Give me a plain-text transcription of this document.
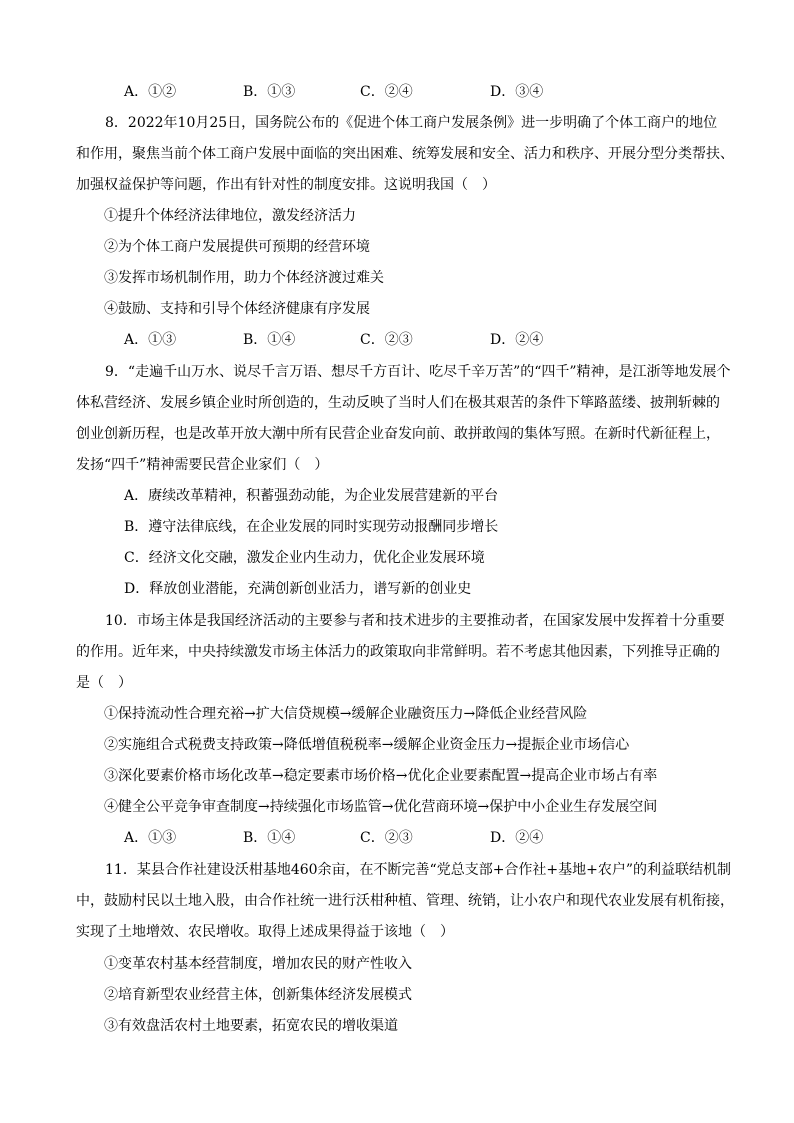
A．①②	B．①③	C．②④	D．③④
8．2022年10月25日，国务院公布的《促进个体工商户发展条例》进一步明确了个体工商户的地位
和作用，聚焦当前个体工商户发展中面临的突出困难、统筹发展和安全、活力和秩序、开展分型分类帮扶、
加强权益保护等问题，作出有针对性的制度安排。这说明我国（　）
①提升个体经济法律地位，激发经济活力
②为个体工商户发展提供可预期的经营环境
③发挥市场机制作用，助力个体经济渡过难关
④鼓励、支持和引导个体经济健康有序发展
A．①③	B．①④	C．②③	D．②④
9．“走遍千山万水、说尽千言万语、想尽千方百计、吃尽千辛万苦”的“四千”精神，是江浙等地发展个
体私营经济、发展乡镇企业时所创造的，生动反映了当时人们在极其艰苦的条件下筚路蓝缕、披荆斩棘的
创业创新历程，也是改革开放大潮中所有民营企业奋发向前、敢拼敢闯的集体写照。在新时代新征程上，
发扬“四千”精神需要民营企业家们（　）
A．赓续改革精神，积蓄强劲动能，为企业发展营建新的平台
B．遵守法律底线，在企业发展的同时实现劳动报酬同步增长
C．经济文化交融，激发企业内生动力，优化企业发展环境
D．释放创业潜能，充满创新创业活力，谱写新的创业史
10．市场主体是我国经济活动的主要参与者和技术进步的主要推动者，在国家发展中发挥着十分重要
的作用。近年来，中央持续激发市场主体活力的政策取向非常鲜明。若不考虑其他因素，下列推导正确的
是（　）
①保持流动性合理充裕→扩大信贷规模→缓解企业融资压力→降低企业经营风险
②实施组合式税费支持政策→降低增值税税率→缓解企业资金压力→提振企业市场信心
③深化要素价格市场化改革→稳定要素市场价格→优化企业要素配置→提高企业市场占有率
④健全公平竞争审查制度→持续强化市场监管→优化营商环境→保护中小企业生存发展空间
A．①③	B．①④	C．②③	D．②④
11．某县合作社建设沃柑基地460余亩，在不断完善“党总支部+合作社+基地+农户”的利益联结机制
中，鼓励村民以土地入股，由合作社统一进行沃柑种植、管理、统销，让小农户和现代农业发展有机衔接，
实现了土地增效、农民增收。取得上述成果得益于该地（　）
①变革农村基本经营制度，增加农民的财产性收入
②培育新型农业经营主体，创新集体经济发展模式
③有效盘活农村土地要素，拓宽农民的增收渠道
